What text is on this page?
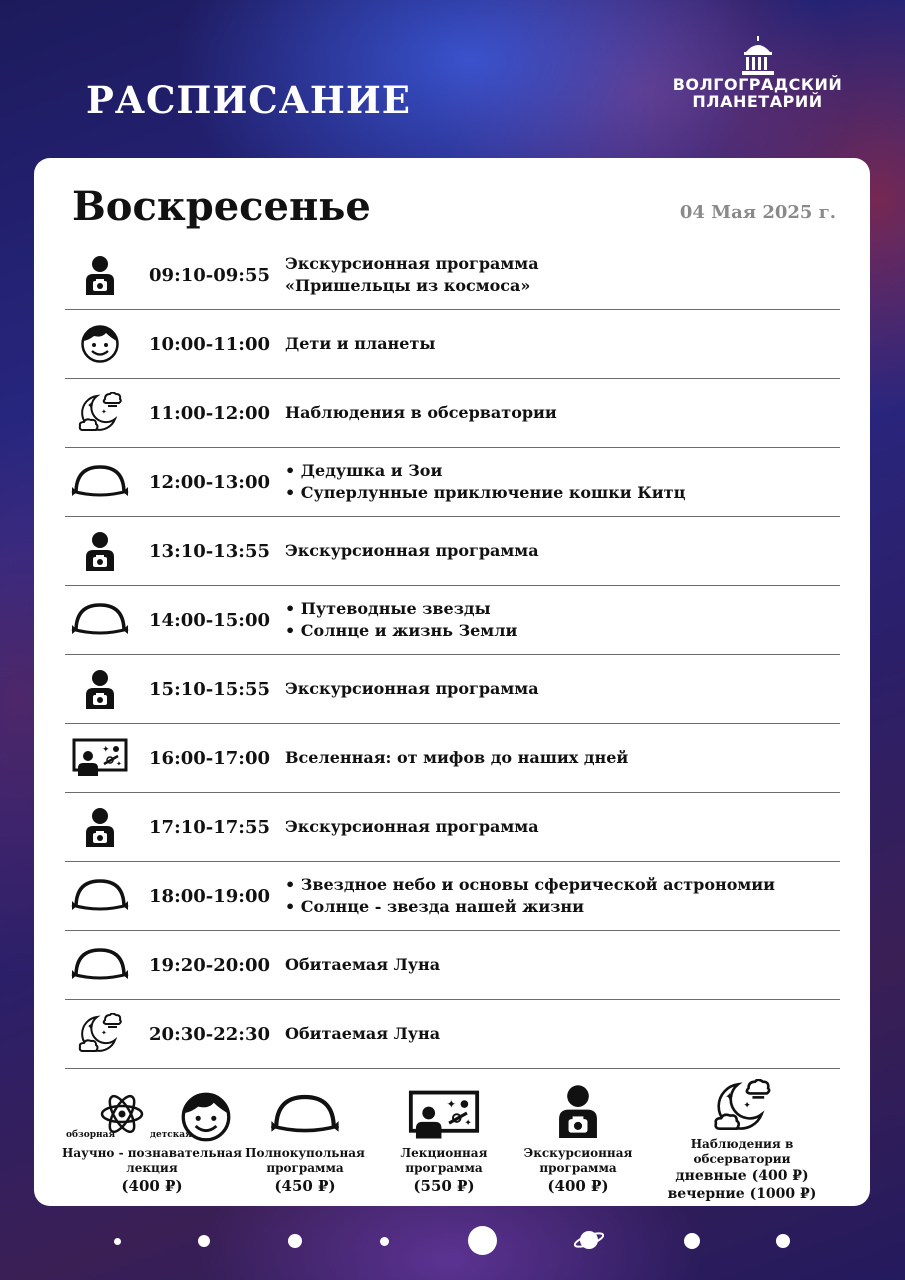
РАСПИСАНИЕ	ВОЛГОГРАДСКИЙ
ПЛАНЕТАРИЙ
Воскресенье	04 Мая 2025 г.
09:10-09:55
Экскурсионная программа
«Пришельцы из космоса»
10:00-11:00 Дети и планеты
✦
✦	11:00-12:00 Наблюдения в обсерватории
12:00-13:00
• Дедушка и Зои
• Суперлунные приключение кошки Китц
13:10-13:55 Экскурсионная программа
14:00-15:00
• Путеводные звезды
• Солнце и жизнь Земли
15:10-15:55 Экскурсионная программа
✦
✦	16:00-17:00 Вселенная: от мифов до наших дней
17:10-17:55 Экскурсионная программа
18:00-19:00
• Звездное небо и основы сферической астрономии
• Солнце - звезда нашей жизни
19:20-20:00 Обитаемая Луна
✦
✦	20:30-22:30 Обитаемая Луна
обзорная	детская
Научно - познавательная
лекция
(400 ₽)
Полнокупольная
программа
(450 ₽)
✦
✦
Лекционная
программа
(550 ₽)
Экскурсионная
программа
(400 ₽)
✦
✦
Наблюдения в обсерватории
дневные (400 ₽)
вечерние (1000 ₽)
